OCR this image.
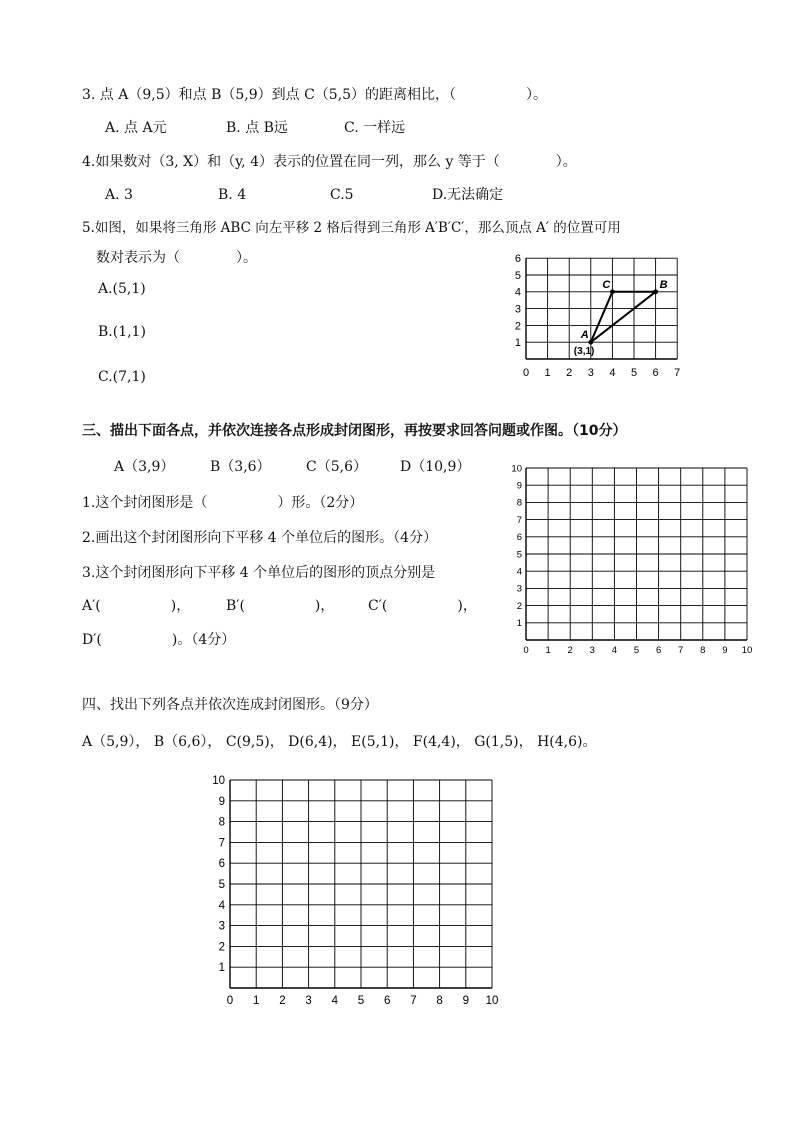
3. 点 A（9,5）和点 B（5,9）到点 C（5,5）的距离相比，（　　　　　）。
A. 点 A元	B. 点 B远	C. 一样远
4.如果数对（3, X）和（y, 4）表示的位置在同一列，那么 y 等于（　　　　）。
A. 3	B. 4	C.5	D.无法确定
5.如图，如果将三角形 ABC 向左平移 2 格后得到三角形 A′B′C′，那么顶点 A′ 的位置可用
数对表示为（　　　　）。
A.(5,1)
B.(1,1)
C.(7,1)	0 1 2 3 4 5 6 7
1
2
3
4
5
6
A
B
C
(3,1)
三、描出下面各点，并依次连接各点形成封闭图形，再按要求回答问题或作图。（10分）
A（3,9）	B（3,6）	C（5,6） D（10,9）
1.这个封闭图形是（　　　　　）形。（2分）
2.画出这个封闭图形向下平移 4 个单位后的图形。（4分）
3.这个封闭图形向下平移 4 个单位后的图形的顶点分别是
A′(　　　　　)，	B′(　　　　　)， C′(　　　　　)，
D′(　　　　　)。（4分）
0 1 2 3 4 5 6 7 8 9 10
1
2
3
4
5
6
7
8
9
10
四、找出下列各点并依次连成封闭图形。（9分）
A（5,9）， B（6,6）， C(9,5)， D(6,4)， E(5,1)， F(4,4)， G(1,5)， H(4,6)。
0 1 2 3 4 5 6 7 8 9 10
1
2
3
4
5
6
7
8
9
10
